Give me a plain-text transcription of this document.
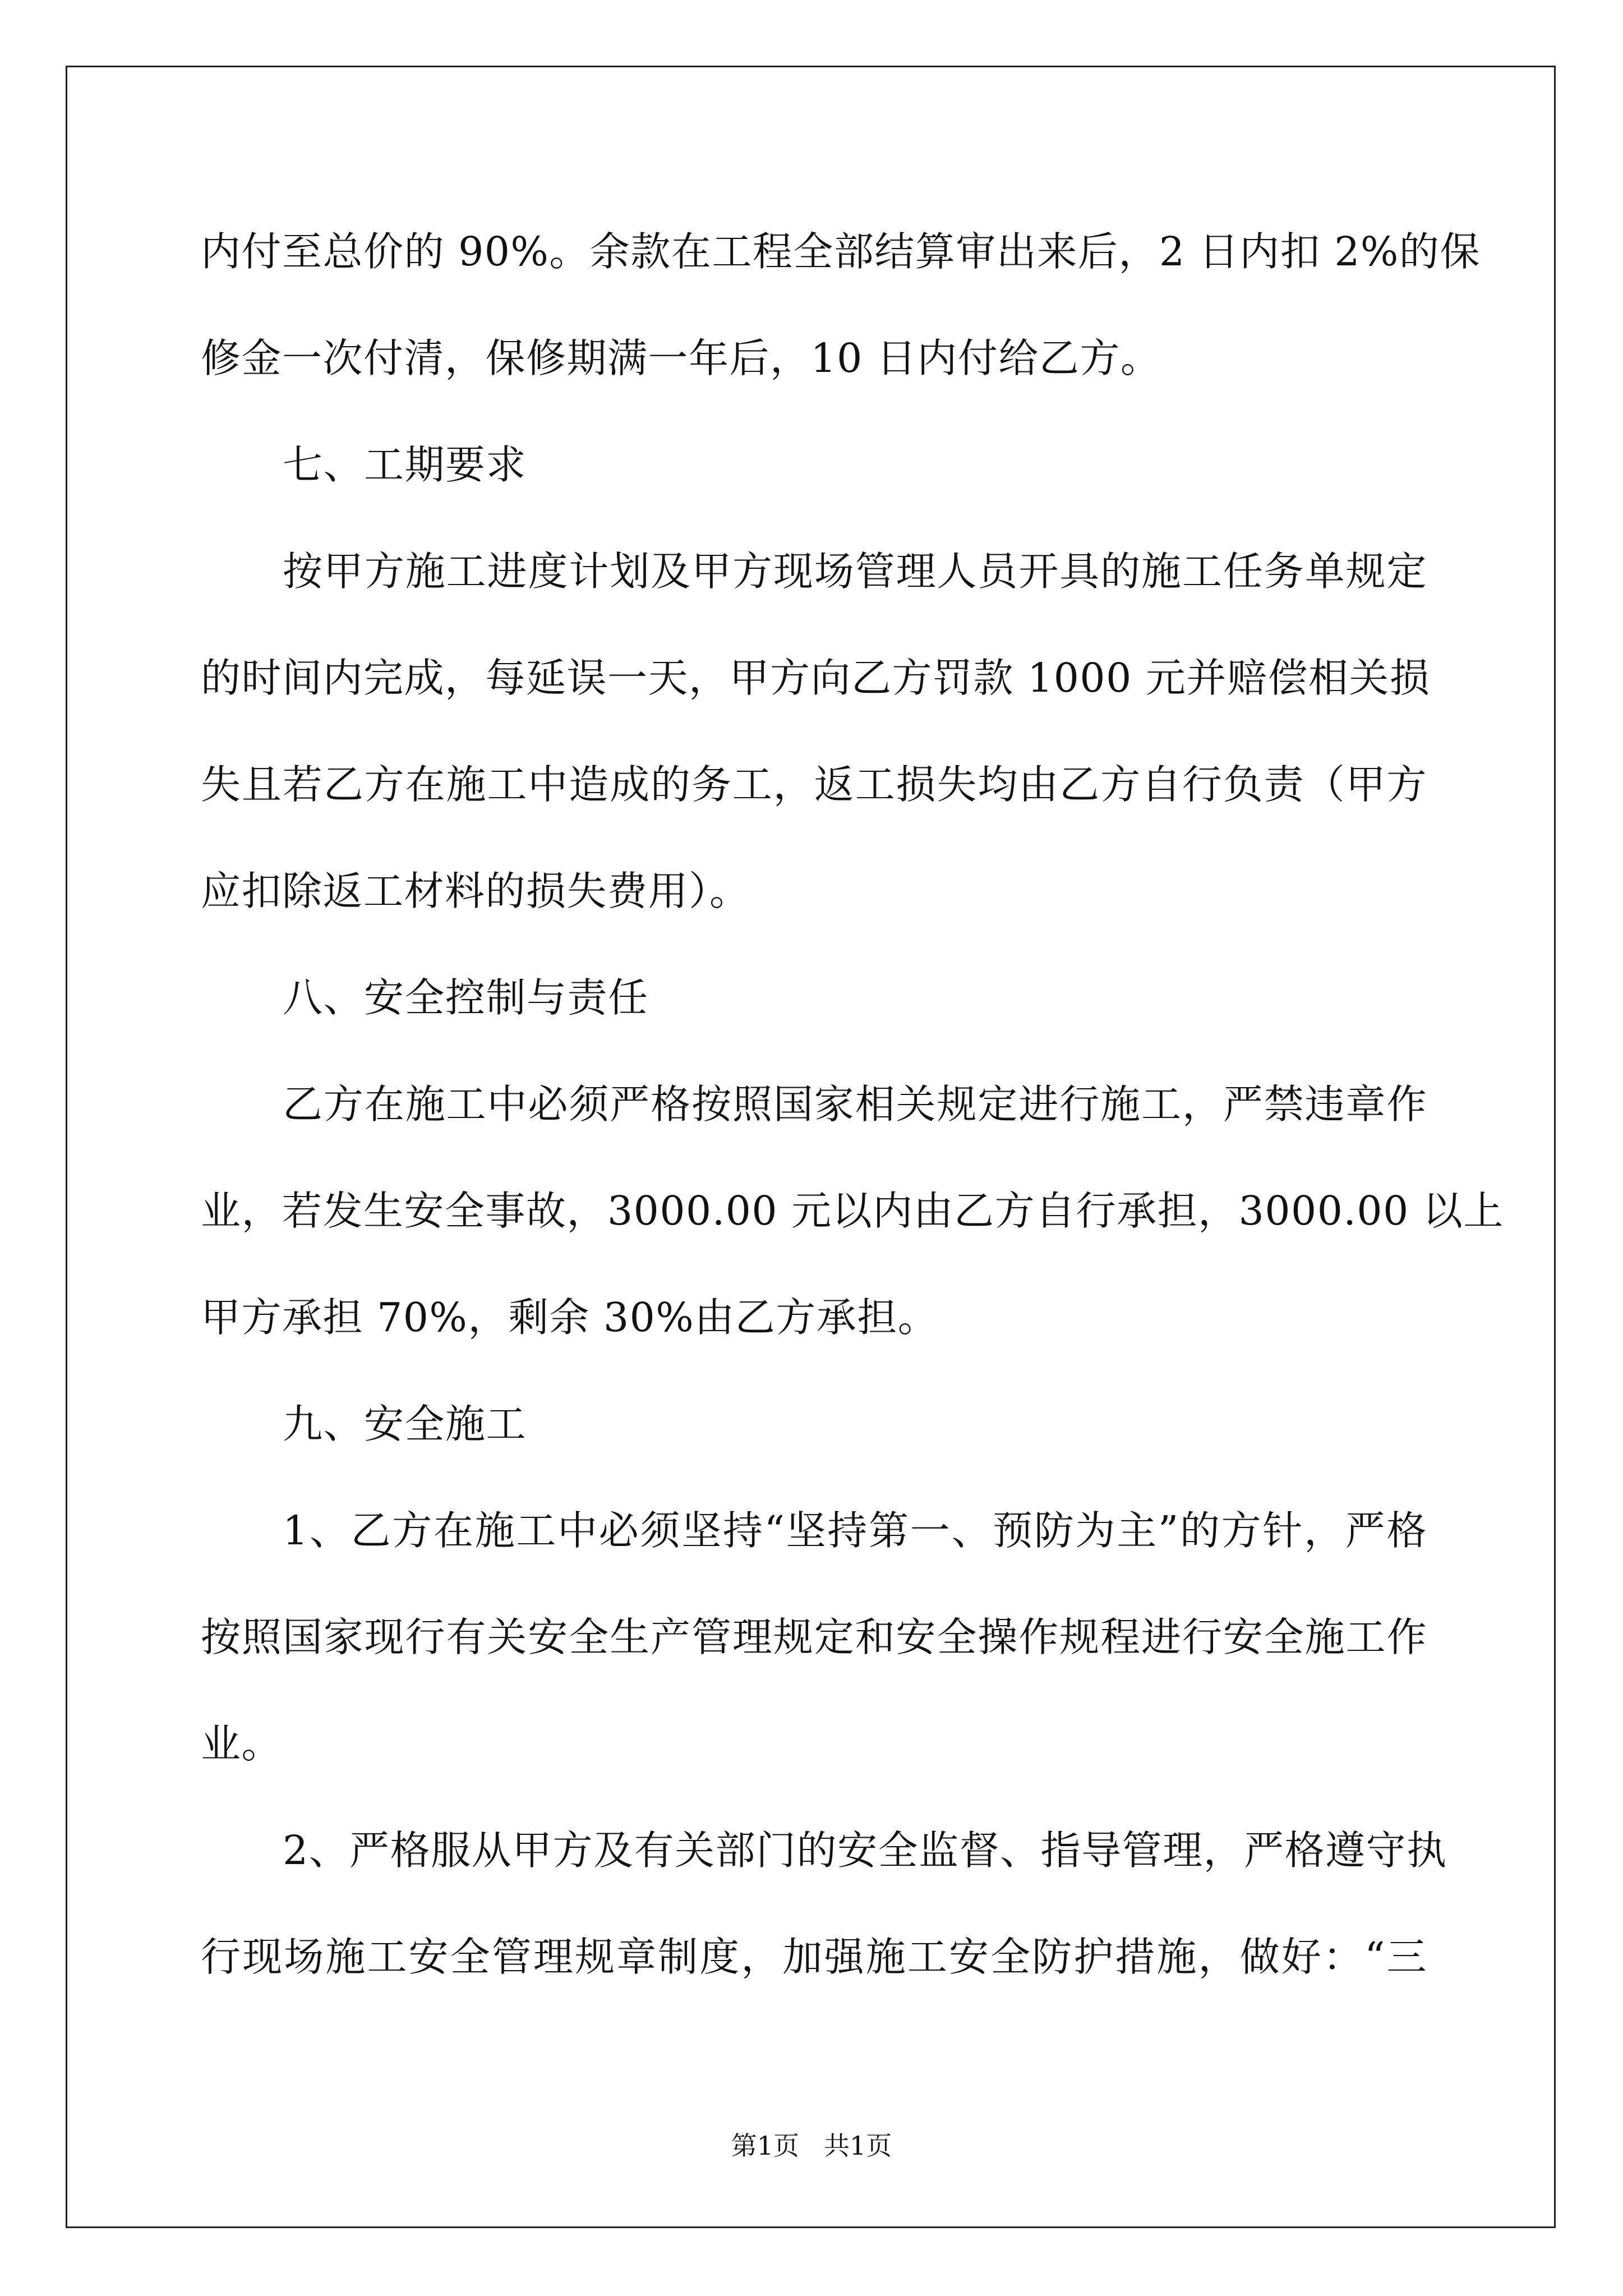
内付至总价的 90%。余款在工程全部结算审出来后，2 日内扣 2%的保
修金一次付清，保修期满一年后，10 日内付给乙方。
七、工期要求
按甲方施工进度计划及甲方现场管理人员开具的施工任务单规定
的时间内完成，每延误一天，甲方向乙方罚款 1000 元并赔偿相关损
失且若乙方在施工中造成的务工，返工损失均由乙方自行负责（甲方
应扣除返工材料的损失费用）。
八、安全控制与责任
乙方在施工中必须严格按照国家相关规定进行施工，严禁违章作
业，若发生安全事故，3000.00 元以内由乙方自行承担，3000.00 以上
甲方承担 70%，剩余 30%由乙方承担。
九、安全施工
1、乙方在施工中必须坚持“坚持第一、预防为主”的方针，严格
按照国家现行有关安全生产管理规定和安全操作规程进行安全施工作
业。
2、严格服从甲方及有关部门的安全监督、指导管理，严格遵守执
行现场施工安全管理规章制度，加强施工安全防护措施，做好：“三
第1页 共1页
